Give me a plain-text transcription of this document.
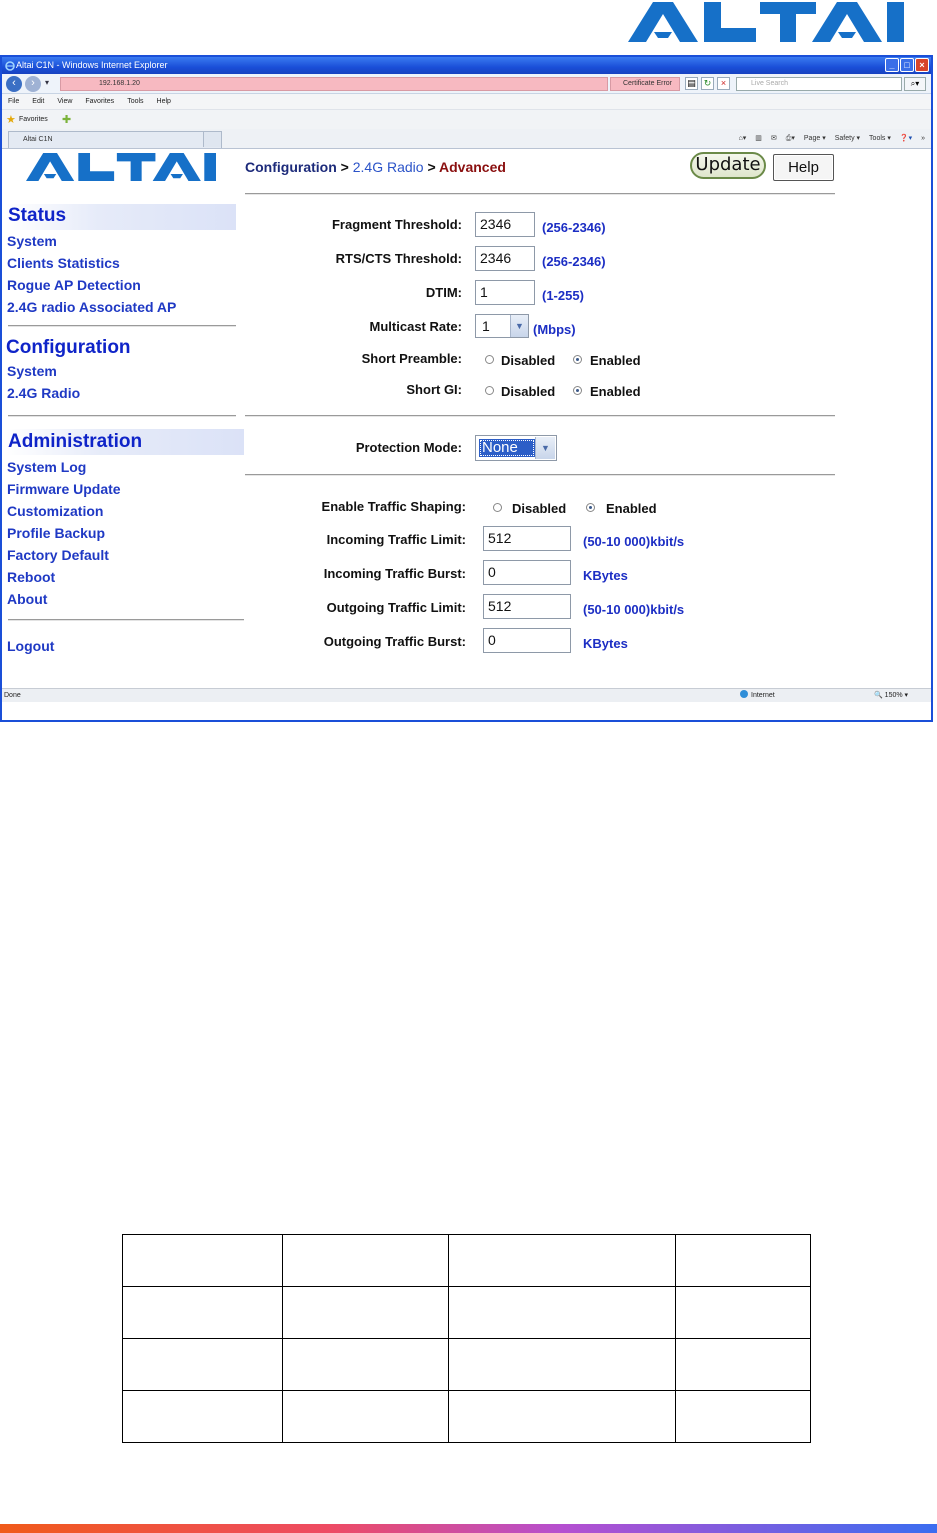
Altai C1N - Windows Internet Explorer	_	□	×
‹	›	▾	192.168.1.20	Certificate Error	▤ ↻	×	Live Search	⌕▾
File Edit View Favorites Tools Help
★ Favorites ✚
Altai C1N	⌂▾ ▥ ✉ ⎙▾ Page ▾ Safety ▾ Tools ▾ ❓▾ »
Status
System
Clients Statistics
Rogue AP Detection
2.4G radio Associated AP
Configuration
System
2.4G Radio
Administration
System Log
Firmware Update
Customization
Profile Backup
Factory Default
Reboot
About
Logout
Configuration > 2.4G Radio > Advanced	Update	Help
Fragment Threshold:	2346	(256-2346)
RTS/CTS Threshold:	2346	(256-2346)
DTIM:	1	(1-255)
Multicast Rate:	1	▼ (Mbps)
Short Preamble:	Disabled	Enabled
Short GI:	Disabled	Enabled
Protection Mode: None	▼
Enable Traffic Shaping:	Disabled	Enabled
Incoming Traffic Limit:	512	(50-10 000)kbit/s
Incoming Traffic Burst:	0	KBytes
Outgoing Traffic Limit:	512	(50-10 000)kbit/s
Outgoing Traffic Burst:	0	KBytes
Done	Internet	🔍 150% ▾
